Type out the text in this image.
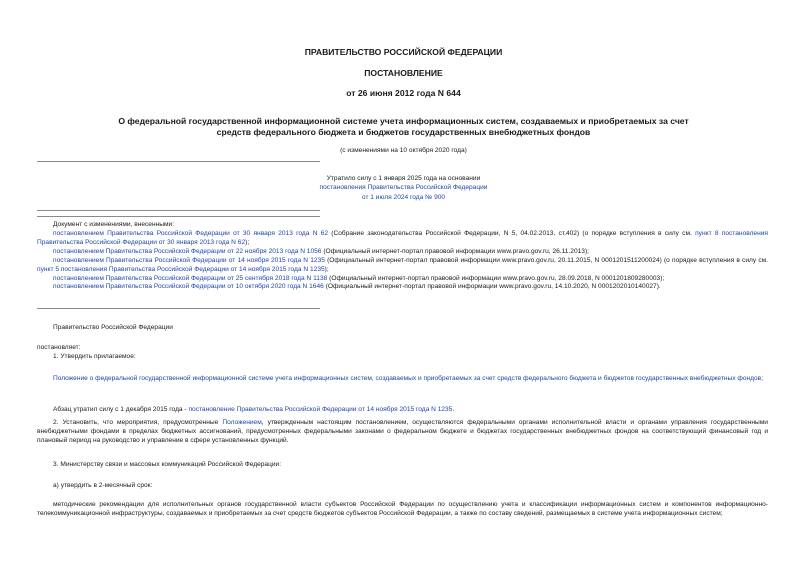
ПРАВИТЕЛЬСТВО РОССИЙСКОЙ ФЕДЕРАЦИИ
ПОСТАНОВЛЕНИЕ
от 26 июня 2012 года N 644
О федеральной государственной информационной системе учета информационных систем, создаваемых и приобретаемых за счет средств федерального бюджета и бюджетов государственных внебюджетных фондов
(с изменениями на 10 октября 2020 года)
Утратило силу с 1 января 2025 года на основании
постановления Правительства Российской Федерации
от 1 июля 2024 года № 900
Документ с изменениями, внесенными:

постановлением Правительства Российской Федерации от 30 января 2013 года N 62 (Собрание законодательства Российской Федерации, N 5, 04.02.2013, ст.402) (о порядке вступления в силу см. пункт 8 постановления Правительства Российской Федерации от 30 января 2013 года N 62);

постановлением Правительства Российской Федерации от 22 ноября 2013 года N 1056 (Официальный интернет-портал правовой информации www.pravo.gov.ru, 26.11.2013);

постановлением Правительства Российской Федерации от 14 ноября 2015 года N 1235 (Официальный интернет-портал правовой информации www.pravo.gov.ru, 20.11.2015, N 0001201511200024) (о порядке вступления в силу см. пункт 5 постановления Правительства Российской Федерации от 14 ноября 2015 года N 1235);

постановлением Правительства Российской Федерации от 25 сентября 2018 года N 1138 (Официальный интернет-портал правовой информации www.pravo.gov.ru, 28.09.2018, N 0001201809280003);

постановлением Правительства Российской Федерации от 10 октября 2020 года N 1646 (Официальный интернет-портал правовой информации www.pravo.gov.ru, 14.10.2020, N 0001202010140027).

Правительство Российской Федерации
постановляет:
1. Утвердить прилагаемое:
Положение о федеральной государственной информационной системе учета информационных систем, создаваемых и приобретаемых за счет средств федерального бюджета и бюджетов государственных внебюджетных фондов;
Абзац утратил силу с 1 декабря 2015 года - постановление Правительства Российской Федерации от 14 ноября 2015 года N 1235.
2. Установить, что мероприятия, предусмотренные Положением, утвержденным настоящим постановлением, осуществляются федеральными органами исполнительной власти и органами управления государственными внебюджетными фондами в пределах бюджетных ассигнований, предусмотренных федеральными законами о федеральном бюджете и бюджетах государственных внебюджетных фондов на соответствующий финансовый год и плановый период на руководство и управление в сфере установленных функций.
3. Министерству связи и массовых коммуникаций Российской Федерации:
а) утвердить в 2-месячный срок:
методические рекомендации для исполнительных органов государственной власти субъектов Российской Федерации по осуществлению учета и классификации информационных систем и компонентов информационно-телекоммуникационной инфраструктуры, создаваемых и приобретаемых за счет средств бюджетов субъектов Российской Федерации, а также по составу сведений, размещаемых в системе учета информационных систем;
